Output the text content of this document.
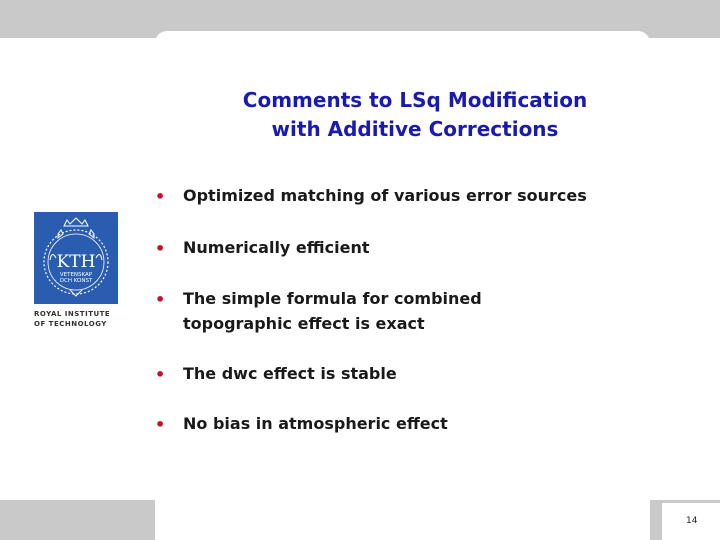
KTH
VETENSKAP
OCH KONST
ROYAL INSTITUTE
OF TECHNOLOGY
Comments to LSq Modification
with Additive Corrections
• Optimized matching of various error sources
• Numerically efficient
• The simple formula for combined topographic effect is exact
• The dwc effect is stable
• No bias in atmospheric effect
14
